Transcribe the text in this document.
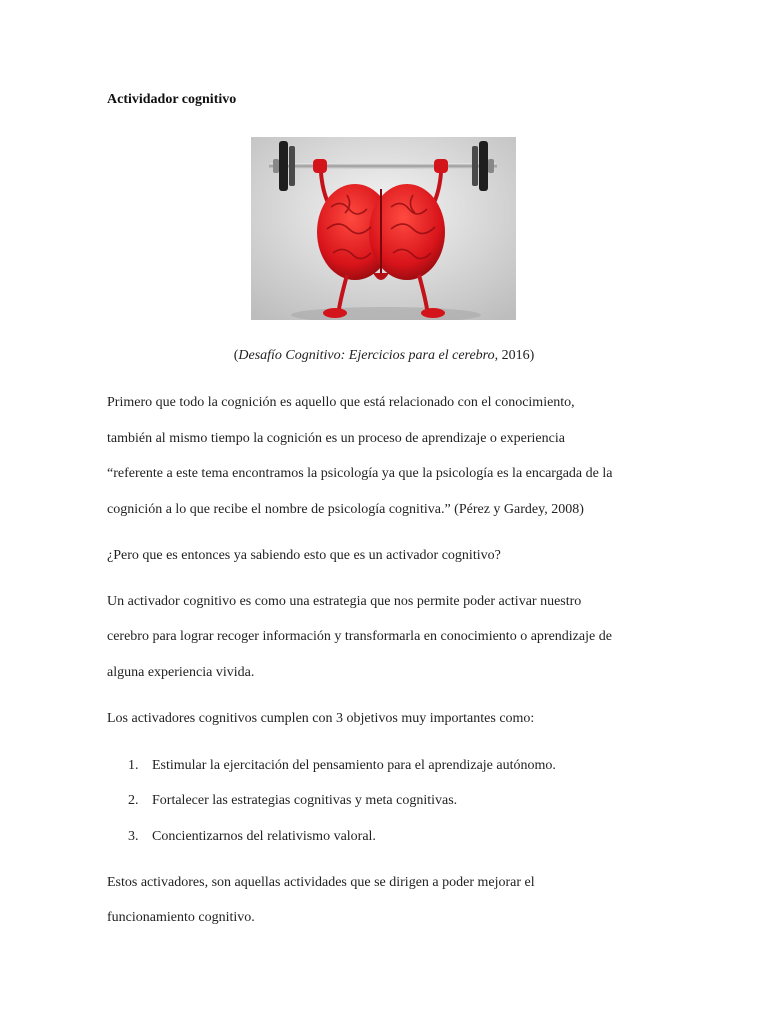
Actividador cognitivo
(Desafío Cognitivo: Ejercicios para el cerebro, 2016)
Primero que todo la cognición es aquello que está relacionado con el conocimiento,
también al mismo tiempo la cognición es un proceso de aprendizaje o experiencia
“referente a este tema encontramos la psicología ya que la psicología es la encargada de la
cognición a lo que recibe el nombre de psicología cognitiva.” (Pérez y Gardey, 2008)
¿Pero que es entonces ya sabiendo esto que es un activador cognitivo?
Un activador cognitivo es como una estrategia que nos permite poder activar nuestro
cerebro para lograr recoger información y transformarla en conocimiento o aprendizaje de
alguna experiencia vivida.
Los activadores cognitivos cumplen con 3 objetivos muy importantes como:
1. Estimular la ejercitación del pensamiento para el aprendizaje autónomo.
2. Fortalecer las estrategias cognitivas y meta cognitivas.
3. Concientizarnos del relativismo valoral.
Estos activadores, son aquellas actividades que se dirigen a poder mejorar el
funcionamiento cognitivo.
